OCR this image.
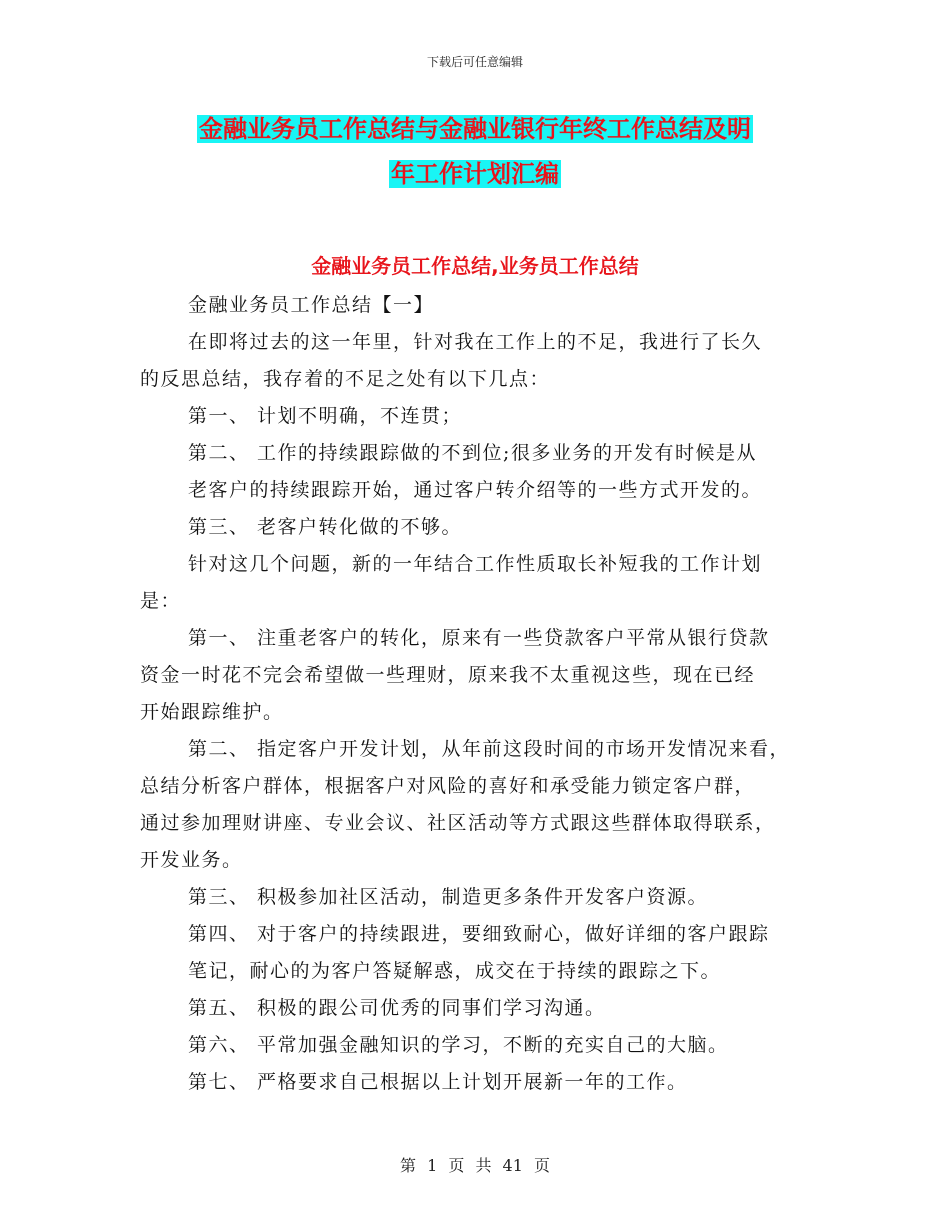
下载后可任意编辑
金融业务员工作总结与金融业银行年终工作总结及明
年工作计划汇编
金融业务员工作总结,业务员工作总结
金融业务员工作总结【一】
在即将过去的这一年里，针对我在工作上的不足，我进行了长久
的反思总结，我存着的不足之处有以下几点：
第一、 计划不明确，不连贯；
第二、 工作的持续跟踪做的不到位;很多业务的开发有时候是从
老客户的持续跟踪开始，通过客户转介绍等的一些方式开发的。
第三、 老客户转化做的不够。
针对这几个问题，新的一年结合工作性质取长补短我的工作计划
是：
第一、 注重老客户的转化，原来有一些贷款客户平常从银行贷款
资金一时花不完会希望做一些理财，原来我不太重视这些，现在已经
开始跟踪维护。
第二、 指定客户开发计划，从年前这段时间的市场开发情况来看，
总结分析客户群体，根据客户对风险的喜好和承受能力锁定客户群，
通过参加理财讲座、专业会议、社区活动等方式跟这些群体取得联系，
开发业务。
第三、 积极参加社区活动，制造更多条件开发客户资源。
第四、 对于客户的持续跟进，要细致耐心，做好详细的客户跟踪
笔记，耐心的为客户答疑解惑，成交在于持续的跟踪之下。
第五、 积极的跟公司优秀的同事们学习沟通。
第六、 平常加强金融知识的学习，不断的充实自己的大脑。
第七、 严格要求自己根据以上计划开展新一年的工作。
第 1 页 共 41 页
